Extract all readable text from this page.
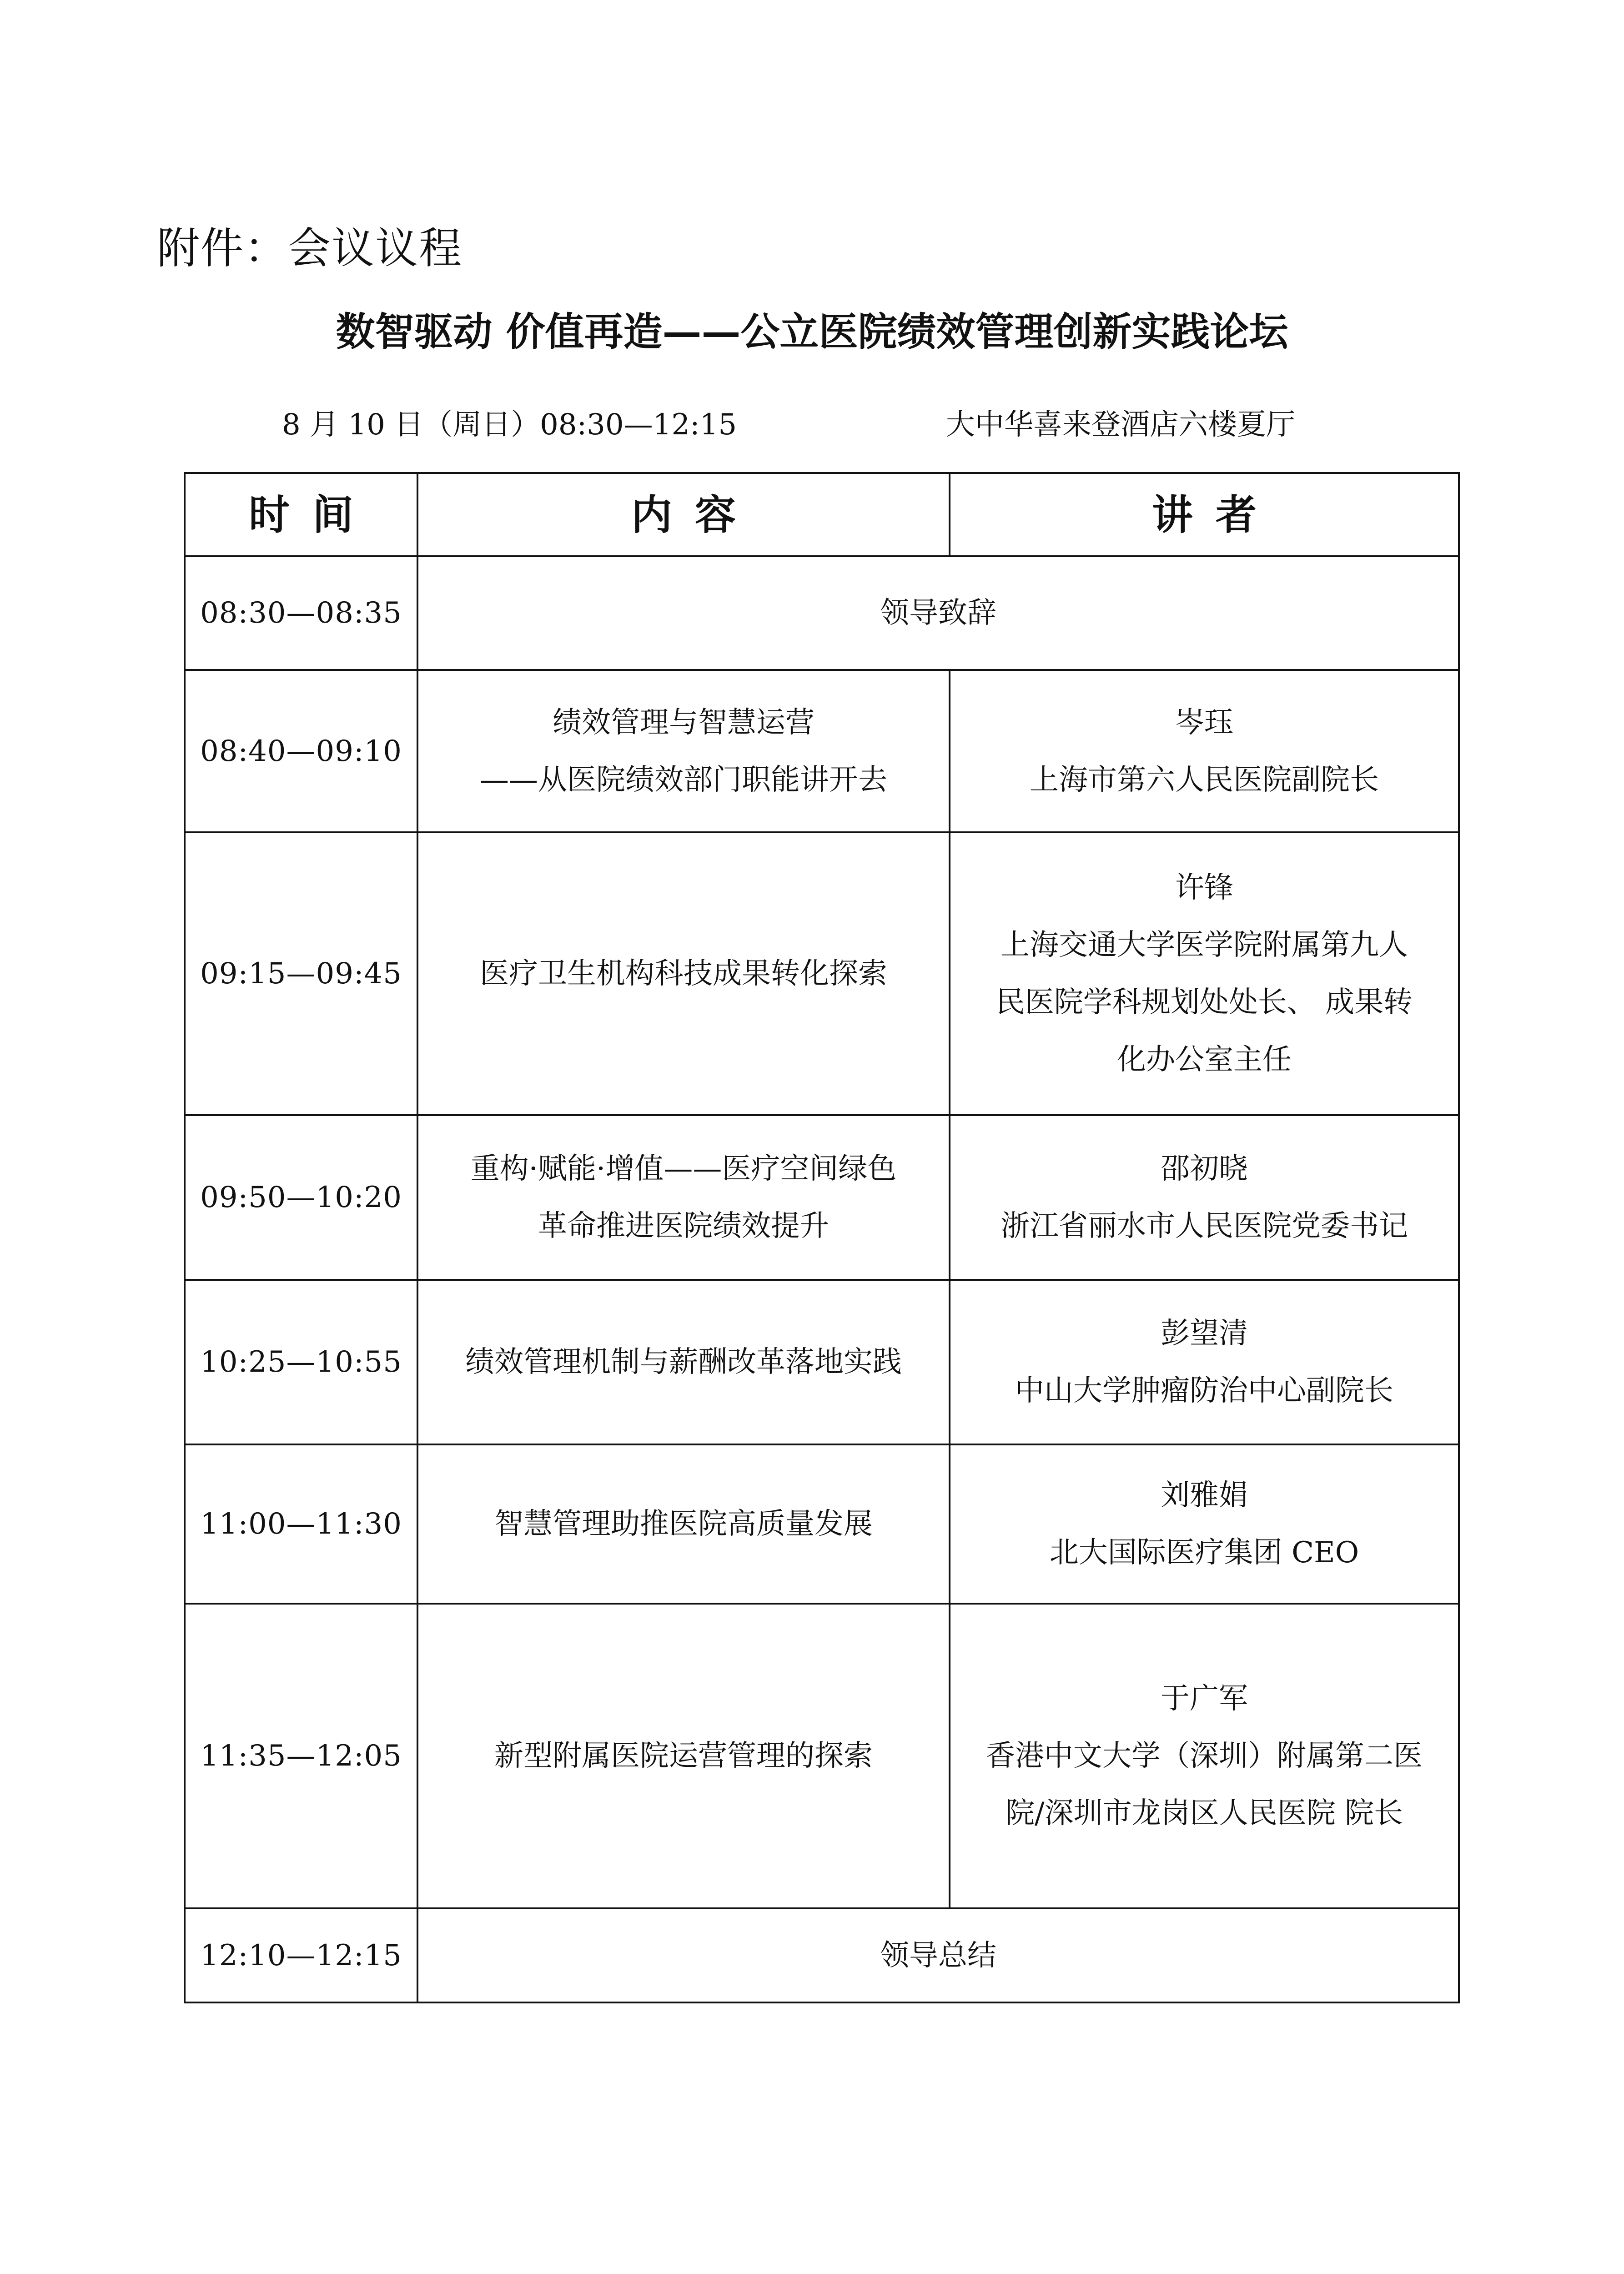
附件：会议议程
数智驱动 价值再造——公立医院绩效管理创新实践论坛
8 月 10 日（周日）08:30—12:15	大中华喜来登酒店六楼夏厅
时间	内容	讲者
08:30—08:35	领导致辞	
08:40—09:10	绩效管理与智慧运营
——从医院绩效部门职能讲开去	岑珏
上海市第六人民医院副院长

09:15—09:45	医疗卫生机构科技成果转化探索	许锋
上海交通大学医学院附属第九人
民医院学科规划处处长、 成果转
化办公室主任

09:50—10:20	重构·赋能·增值——医疗空间绿色
革命推进医院绩效提升	邵初晓
浙江省丽水市人民医院党委书记

10:25—10:55	绩效管理机制与薪酬改革落地实践	彭望清
中山大学肿瘤防治中心副院长

11:00—11:30	智慧管理助推医院高质量发展	刘雅娟
北大国际医疗集团 CEO

11:35—12:05	新型附属医院运营管理的探索	于广军
香港中文大学（深圳）附属第二医
院/深圳市龙岗区人民医院 院长

12:10—12:15	领导总结	
